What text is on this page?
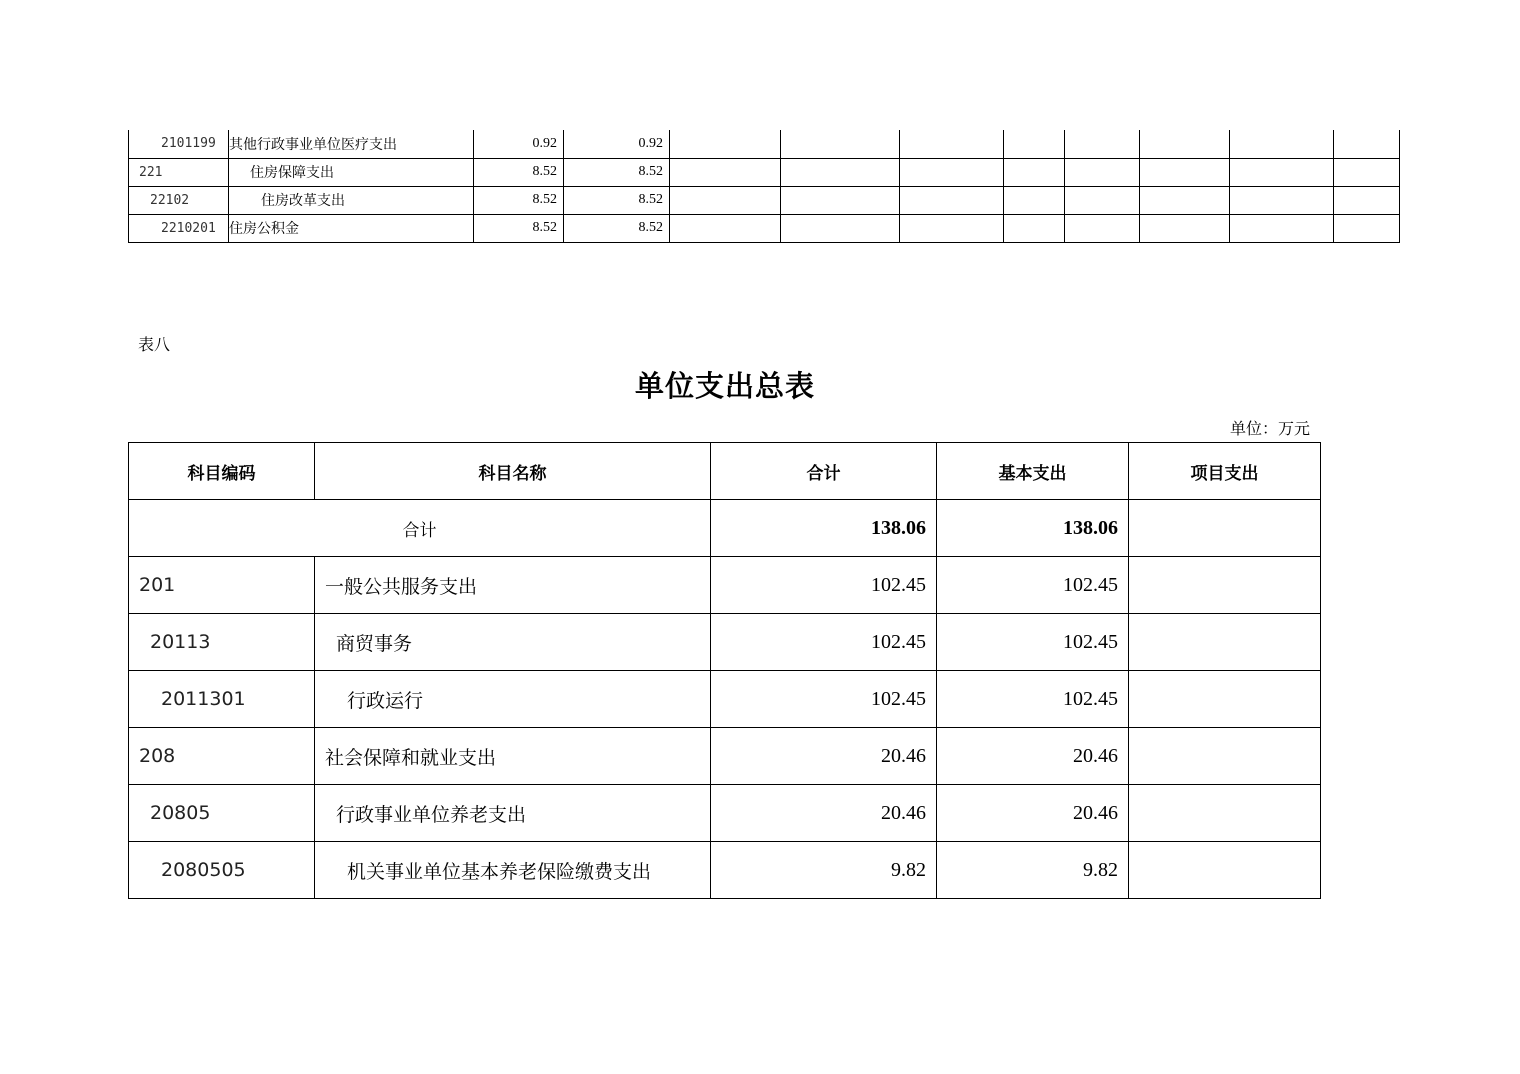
2101199	其他行政事业单位医疗支出	0.92	0.92								
221	住房保障支出	8.52	8.52								
22102	住房改革支出	8.52	8.52								
2210201	住房公积金	8.52	8.52								
表八
单位支出总表
单位：万元
科目编码	科目名称	合计	基本支出	项目支出
合计		138.06	138.06	
201	一般公共服务支出	102.45	102.45	
20113	商贸事务	102.45	102.45	
2011301	行政运行	102.45	102.45	
208	社会保障和就业支出	20.46	20.46	
20805	行政事业单位养老支出	20.46	20.46	
2080505	机关事业单位基本养老保险缴费支出	9.82	9.82	
